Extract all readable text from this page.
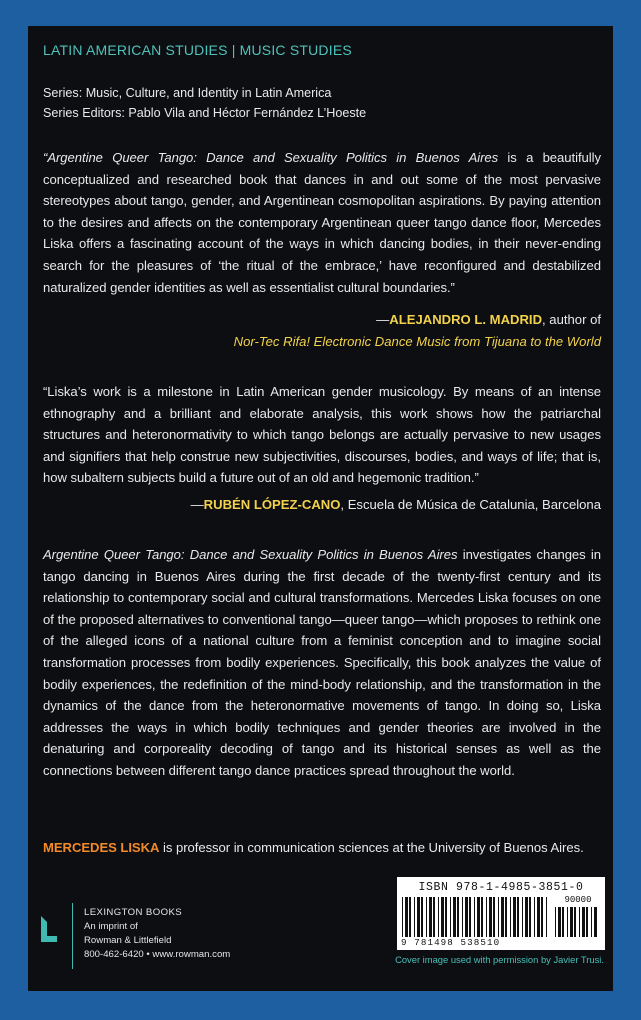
LATIN AMERICAN STUDIES | MUSIC STUDIES
Series: Music, Culture, and Identity in Latin America
Series Editors: Pablo Vila and Héctor Fernández L’Hoeste
“Argentine Queer Tango: Dance and Sexuality Politics in Buenos Aires is a beautifully conceptualized and researched book that dances in and out some of the most pervasive stereotypes about tango, gender, and Argentinean cosmopolitan aspirations. By paying attention to the desires and affects on the contemporary Argentinean queer tango dance floor, Mercedes Liska offers a fascinating account of the ways in which dancing bodies, in their never-ending search for the pleasures of ‘the ritual of the embrace,’ have reconfigured and destabilized naturalized gender identities as well as essentialist cultural boundaries.”
—ALEJANDRO L. MADRID, author of
Nor-Tec Rifa! Electronic Dance Music from Tijuana to the World
“Liska’s work is a milestone in Latin American gender musicology. By means of an intense ethnography and a brilliant and elaborate analysis, this work shows how the patriarchal structures and heteronormativity to which tango belongs are actually pervasive to new usages and signifiers that help construe new subjectivities, discourses, bodies, and ways of life; that is, how subaltern subjects build a future out of an old and hegemonic tradition.”
—RUBÉN LÓPEZ-CANO, Escuela de Música de Catalunia, Barcelona
Argentine Queer Tango: Dance and Sexuality Politics in Buenos Aires investigates changes in tango dancing in Buenos Aires during the first decade of the twenty-first century and its relationship to contemporary social and cultural transformations. Mercedes Liska focuses on one of the proposed alternatives to conventional tango—queer tango—which proposes to rethink one of the alleged icons of a national culture from a feminist conception and to imagine social transformation processes from bodily experiences. Specifically, this book analyzes the value of bodily experiences, the redefinition of the mind-body relationship, and the transformation in the dynamics of the dance from the heteronormative movements of tango. In doing so, Liska addresses the ways in which bodily techniques and gender theories are involved in the denaturing and corporeality decoding of tango and its historical senses as well as the connections between different tango dance practices spread throughout the world.
MERCEDES LISKA is professor in communication sciences at the University of Buenos Aires.
LEXINGTON BOOKS
An imprint of
Rowman & Littlefield
800-462-6420 • www.rowman.com
ISBN 978-1-4985-3851-0
90000
9 781498 538510
Cover image used with permission by Javier Trusi.
